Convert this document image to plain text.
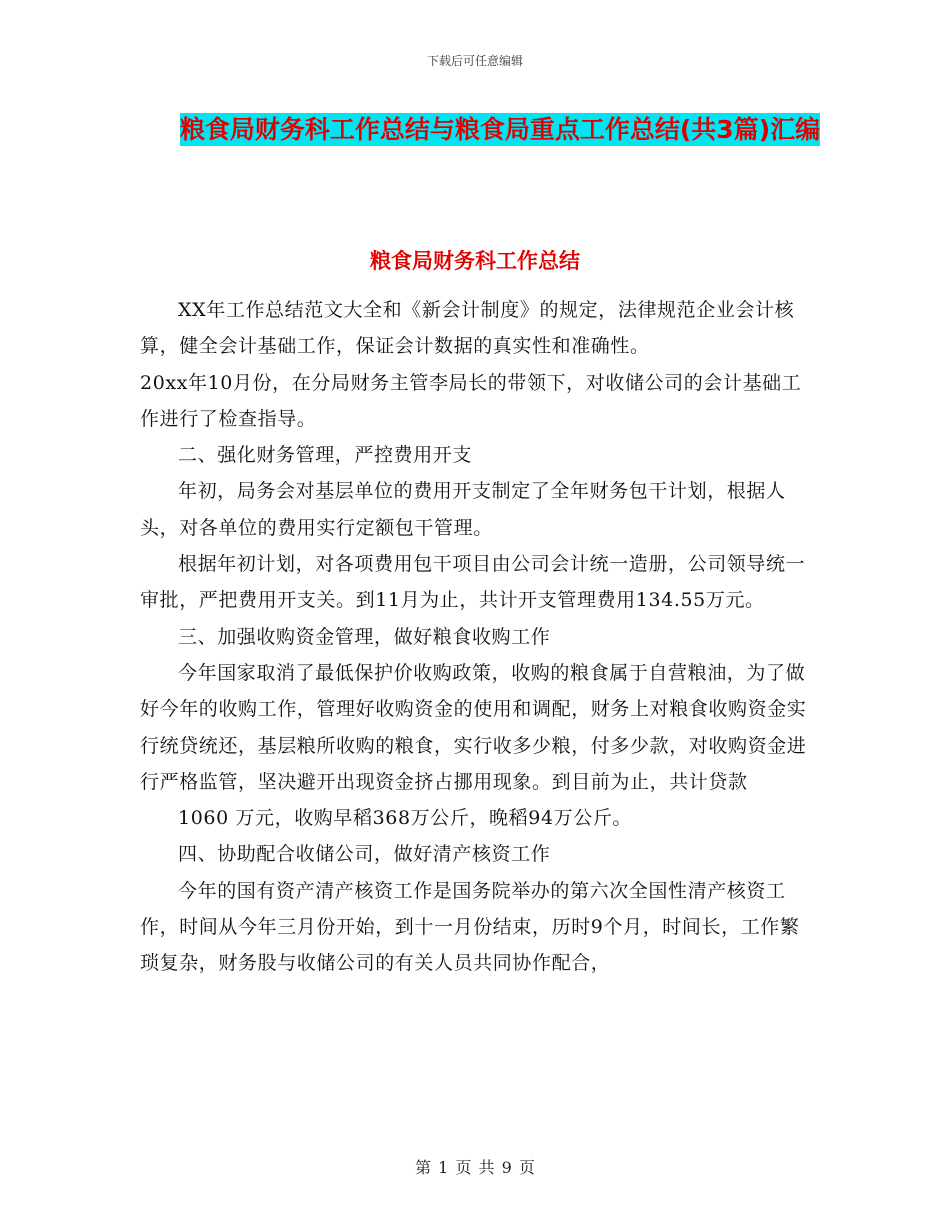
下载后可任意编辑
粮食局财务科工作总结与粮食局重点工作总结(共3篇)汇编
粮食局财务科工作总结

XX年工作总结范文大全和《新会计制度》的规定，法律规范企业会计核算，健全会计基础工作，保证会计数据的真实性和准确性。

20xx年10月份，在分局财务主管李局长的带领下，对收储公司的会计基础工作进行了检查指导。

二、强化财务管理，严控费用开支

年初，局务会对基层单位的费用开支制定了全年财务包干计划，根据人头，对各单位的费用实行定额包干管理。

根据年初计划，对各项费用包干项目由公司会计统一造册，公司领导统一审批，严把费用开支关。到11月为止，共计开支管理费用134.55万元。

三、加强收购资金管理，做好粮食收购工作

今年国家取消了最低保护价收购政策，收购的粮食属于自营粮油，为了做好今年的收购工作，管理好收购资金的使用和调配，财务上对粮食收购资金实行统贷统还，基层粮所收购的粮食，实行收多少粮，付多少款，对收购资金进行严格监管，坚决避开出现资金挤占挪用现象。到目前为止，共计贷款

1060 万元，收购早稻368万公斤，晚稻94万公斤。

四、协助配合收储公司，做好清产核资工作

今年的国有资产清产核资工作是国务院举办的第六次全国性清产核资工作，时间从今年三月份开始，到十一月份结束，历时9个月，时间长，工作繁琐复杂，财务股与收储公司的有关人员共同协作配合，

第 1 页 共 9 页
